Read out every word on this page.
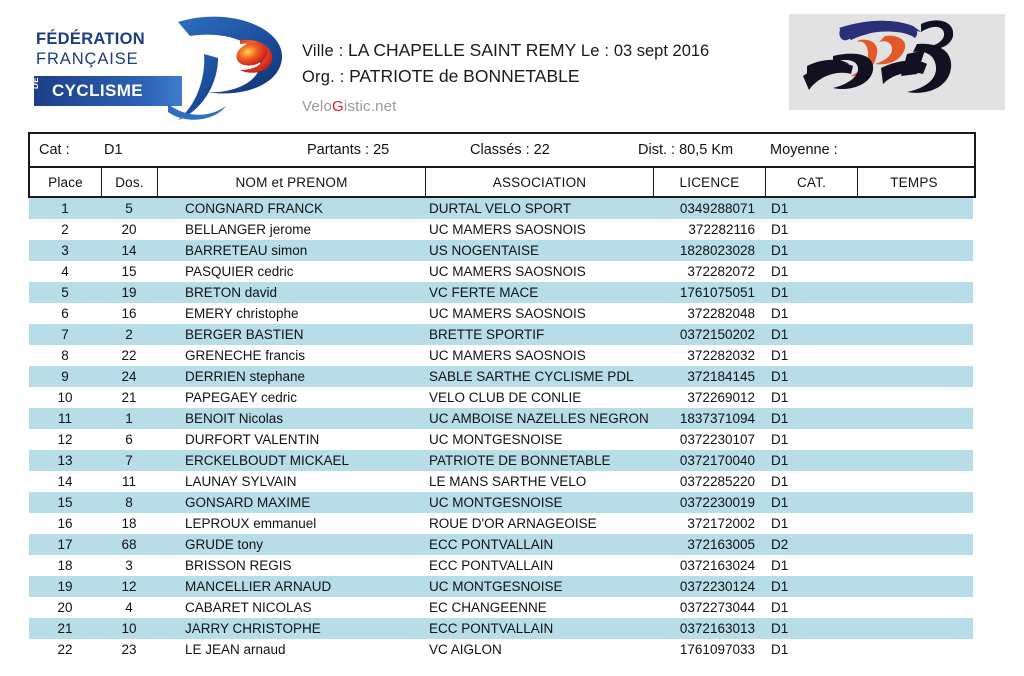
FÉDÉRATION
FRANÇAISE
DE CYCLISME
Ville : LA CHAPELLE SAINT REMY Le : 03 sept 2016
Org. : PATRIOTE de BONNETABLE
VeloGistic.net
Cat : D1	Partants : 25	Classés : 22	Dist. : 80,5 Km	Moyenne :
Place	Dos.	NOM et PRENOM	ASSOCIATION	LICENCE	CAT.	TEMPS
1	5	CONGNARD FRANCK	DURTAL VELO SPORT	0349288071	D1
2	20	BELLANGER jerome	UC MAMERS SAOSNOIS	372282116	D1
3	14	BARRETEAU simon	US NOGENTAISE	1828023028	D1
4	15	PASQUIER cedric	UC MAMERS SAOSNOIS	372282072	D1
5	19	BRETON david	VC FERTE MACE	1761075051	D1
6	16	EMERY christophe	UC MAMERS SAOSNOIS	372282048	D1
7	2	BERGER BASTIEN	BRETTE SPORTIF	0372150202	D1
8	22	GRENECHE francis	UC MAMERS SAOSNOIS	372282032	D1
9	24	DERRIEN stephane	SABLE SARTHE CYCLISME PDL	372184145	D1
10	21	PAPEGAEY cedric	VELO CLUB DE CONLIE	372269012	D1
11	1	BENOIT Nicolas	UC AMBOISE NAZELLES NEGRON	1837371094	D1
12	6	DURFORT VALENTIN	UC MONTGESNOISE	0372230107	D1
13	7	ERCKELBOUDT MICKAEL	PATRIOTE DE BONNETABLE	0372170040	D1
14	11	LAUNAY SYLVAIN	LE MANS SARTHE VELO	0372285220	D1
15	8	GONSARD MAXIME	UC MONTGESNOISE	0372230019	D1
16	18	LEPROUX emmanuel	ROUE D'OR ARNAGEOISE	372172002	D1
17	68	GRUDE tony	ECC PONTVALLAIN	372163005	D2
18	3	BRISSON REGIS	ECC PONTVALLAIN	0372163024	D1
19	12	MANCELLIER ARNAUD	UC MONTGESNOISE	0372230124	D1
20	4	CABARET NICOLAS	EC CHANGEENNE	0372273044	D1
21	10	JARRY CHRISTOPHE	ECC PONTVALLAIN	0372163013	D1
22	23	LE JEAN arnaud	VC AIGLON	1761097033	D1
